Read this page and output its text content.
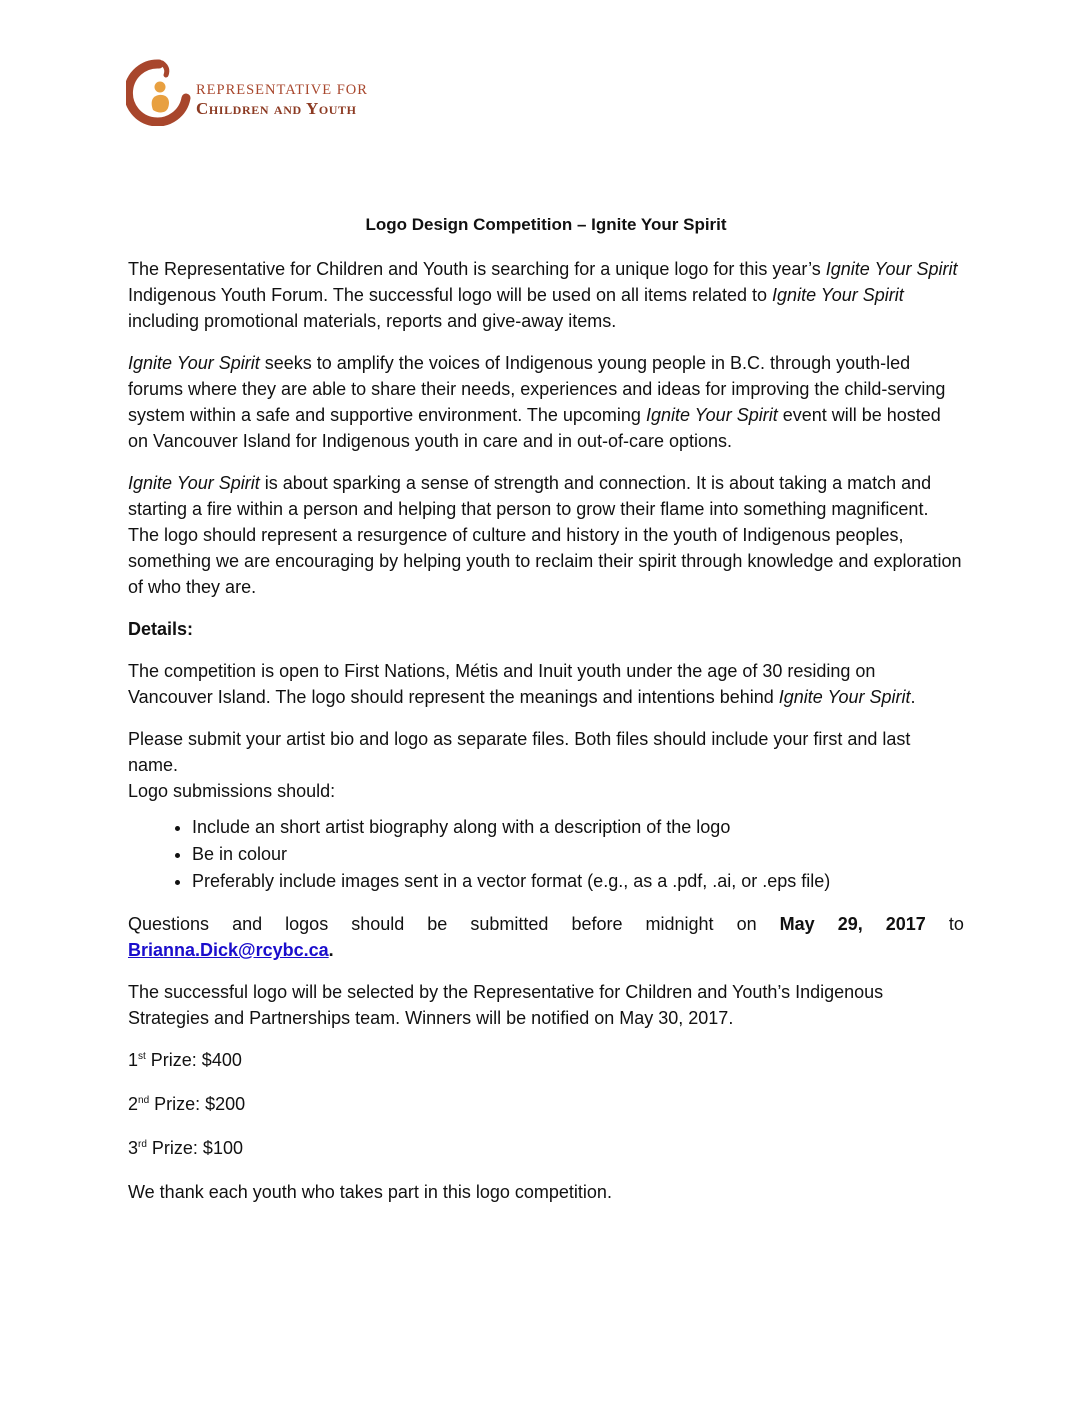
REPRESENTATIVE FOR
Children and Youth
Logo Design Competition – Ignite Your Spirit

The Representative for Children and Youth is searching for a unique logo for this year’s Ignite Your Spirit Indigenous Youth Forum. The successful logo will be used on all items related to Ignite Your Spirit including promotional materials, reports and give-away items.

Ignite Your Spirit seeks to amplify the voices of Indigenous young people in B.C. through youth-led forums where they are able to share their needs, experiences and ideas for improving the child-serving system within a safe and supportive environment. The upcoming Ignite Your Spirit event will be hosted on Vancouver Island for Indigenous youth in care and in out-of-care options.

Ignite Your Spirit is about sparking a sense of strength and connection. It is about taking a match and starting a fire within a person and helping that person to grow their flame into something magnificent. The logo should represent a resurgence of culture and history in the youth of Indigenous peoples, something we are encouraging by helping youth to reclaim their spirit through knowledge and exploration of who they are.

Details:

The competition is open to First Nations, Métis and Inuit youth under the age of 30 residing on Vancouver Island. The logo should represent the meanings and intentions behind Ignite Your Spirit.

Please submit your artist bio and logo as separate files. Both files should include your first and last name.

Logo submissions should:

• Include an short artist biography along with a description of the logo
• Be in colour
• Preferably include images sent in a vector format (e.g., as a .pdf, .ai, or .eps file)
Questions and logos should be submitted before midnight on May 29, 2017 to

Brianna.Dick@rcybc.ca.

The successful logo will be selected by the Representative for Children and Youth’s Indigenous Strategies and Partnerships team. Winners will be notified on May 30, 2017.

1st Prize: $400

2nd Prize: $200

3rd Prize: $100

We thank each youth who takes part in this logo competition.
